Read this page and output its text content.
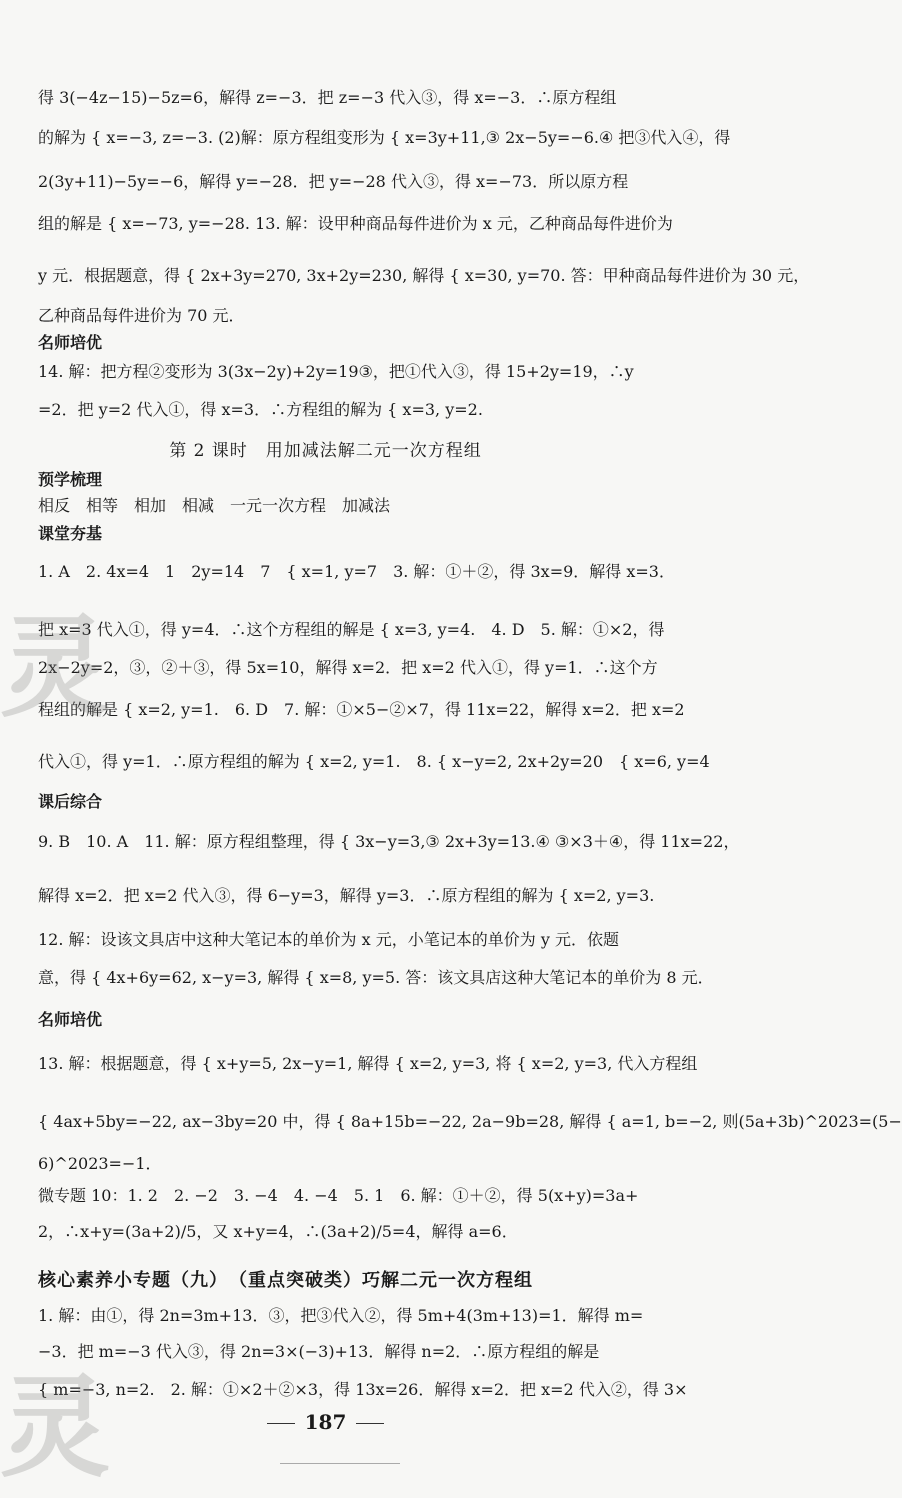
得 3(−4z−15)−5z=6，解得 z=−3．把 z=−3 代入③，得 x=−3．∴原方程组
的解为 { x=−3, z=−3. (2)解：原方程组变形为 { x=3y+11,③ 2x−5y=−6.④ 把③代入④，得
2(3y+11)−5y=−6，解得 y=−28．把 y=−28 代入③，得 x=−73．所以原方程
组的解是 { x=−73, y=−28. 13. 解：设甲种商品每件进价为 x 元，乙种商品每件进价为
y 元．根据题意，得 { 2x+3y=270, 3x+2y=230, 解得 { x=30, y=70. 答：甲种商品每件进价为 30 元，
乙种商品每件进价为 70 元．
名师培优
14. 解：把方程②变形为 3(3x−2y)+2y=19③，把①代入③，得 15+2y=19，∴y
=2．把 y=2 代入①，得 x=3．∴方程组的解为 { x=3, y=2.
第 2 课时　用加减法解二元一次方程组
预学梳理
相反　相等　相加　相减　一元一次方程　加减法
课堂夯基
1. A　2. 4x=4　1　2y=14　7　{ x=1, y=7　3. 解：①＋②，得 3x=9．解得 x=3．
把 x=3 代入①，得 y=4．∴这个方程组的解是 { x=3, y=4.　4. D　5. 解：①×2，得
2x−2y=2，③，②＋③，得 5x=10，解得 x=2．把 x=2 代入①，得 y=1．∴这个方
程组的解是 { x=2, y=1.　6. D　7. 解：①×5−②×7，得 11x=22，解得 x=2．把 x=2
代入①，得 y=1．∴原方程组的解为 { x=2, y=1.　8. { x−y=2, 2x+2y=20　{ x=6, y=4
课后综合
9. B　10. A　11. 解：原方程组整理，得 { 3x−y=3,③ 2x+3y=13.④ ③×3＋④，得 11x=22，
解得 x=2．把 x=2 代入③，得 6−y=3，解得 y=3．∴原方程组的解为 { x=2, y=3.
12. 解：设该文具店中这种大笔记本的单价为 x 元，小笔记本的单价为 y 元．依题
意，得 { 4x+6y=62, x−y=3, 解得 { x=8, y=5. 答：该文具店这种大笔记本的单价为 8 元．
名师培优
13. 解：根据题意，得 { x+y=5, 2x−y=1, 解得 { x=2, y=3, 将 { x=2, y=3, 代入方程组
{ 4ax+5by=−22, ax−3by=20 中，得 { 8a+15b=−22, 2a−9b=28, 解得 { a=1, b=−2, 则(5a+3b)^2023=(5−
6)^2023=−1．
微专题 10：1. 2　2. −2　3. −4　4. −4　5. 1　6. 解：①＋②，得 5(x+y)=3a+
2，∴x+y=(3a+2)/5，又 x+y=4，∴(3a+2)/5=4，解得 a=6．
核心素养小专题（九）　（重点突破类）巧解二元一次方程组
1. 解：由①，得 2n=3m+13．③，把③代入②，得 5m+4(3m+13)=1．解得 m=
−3．把 m=−3 代入③，得 2n=3×(−3)+13．解得 n=2．∴原方程组的解是
{ m=−3, n=2.　2. 解：①×2＋②×3，得 13x=26．解得 x=2．把 x=2 代入②，得 3×
灵
灵	187
